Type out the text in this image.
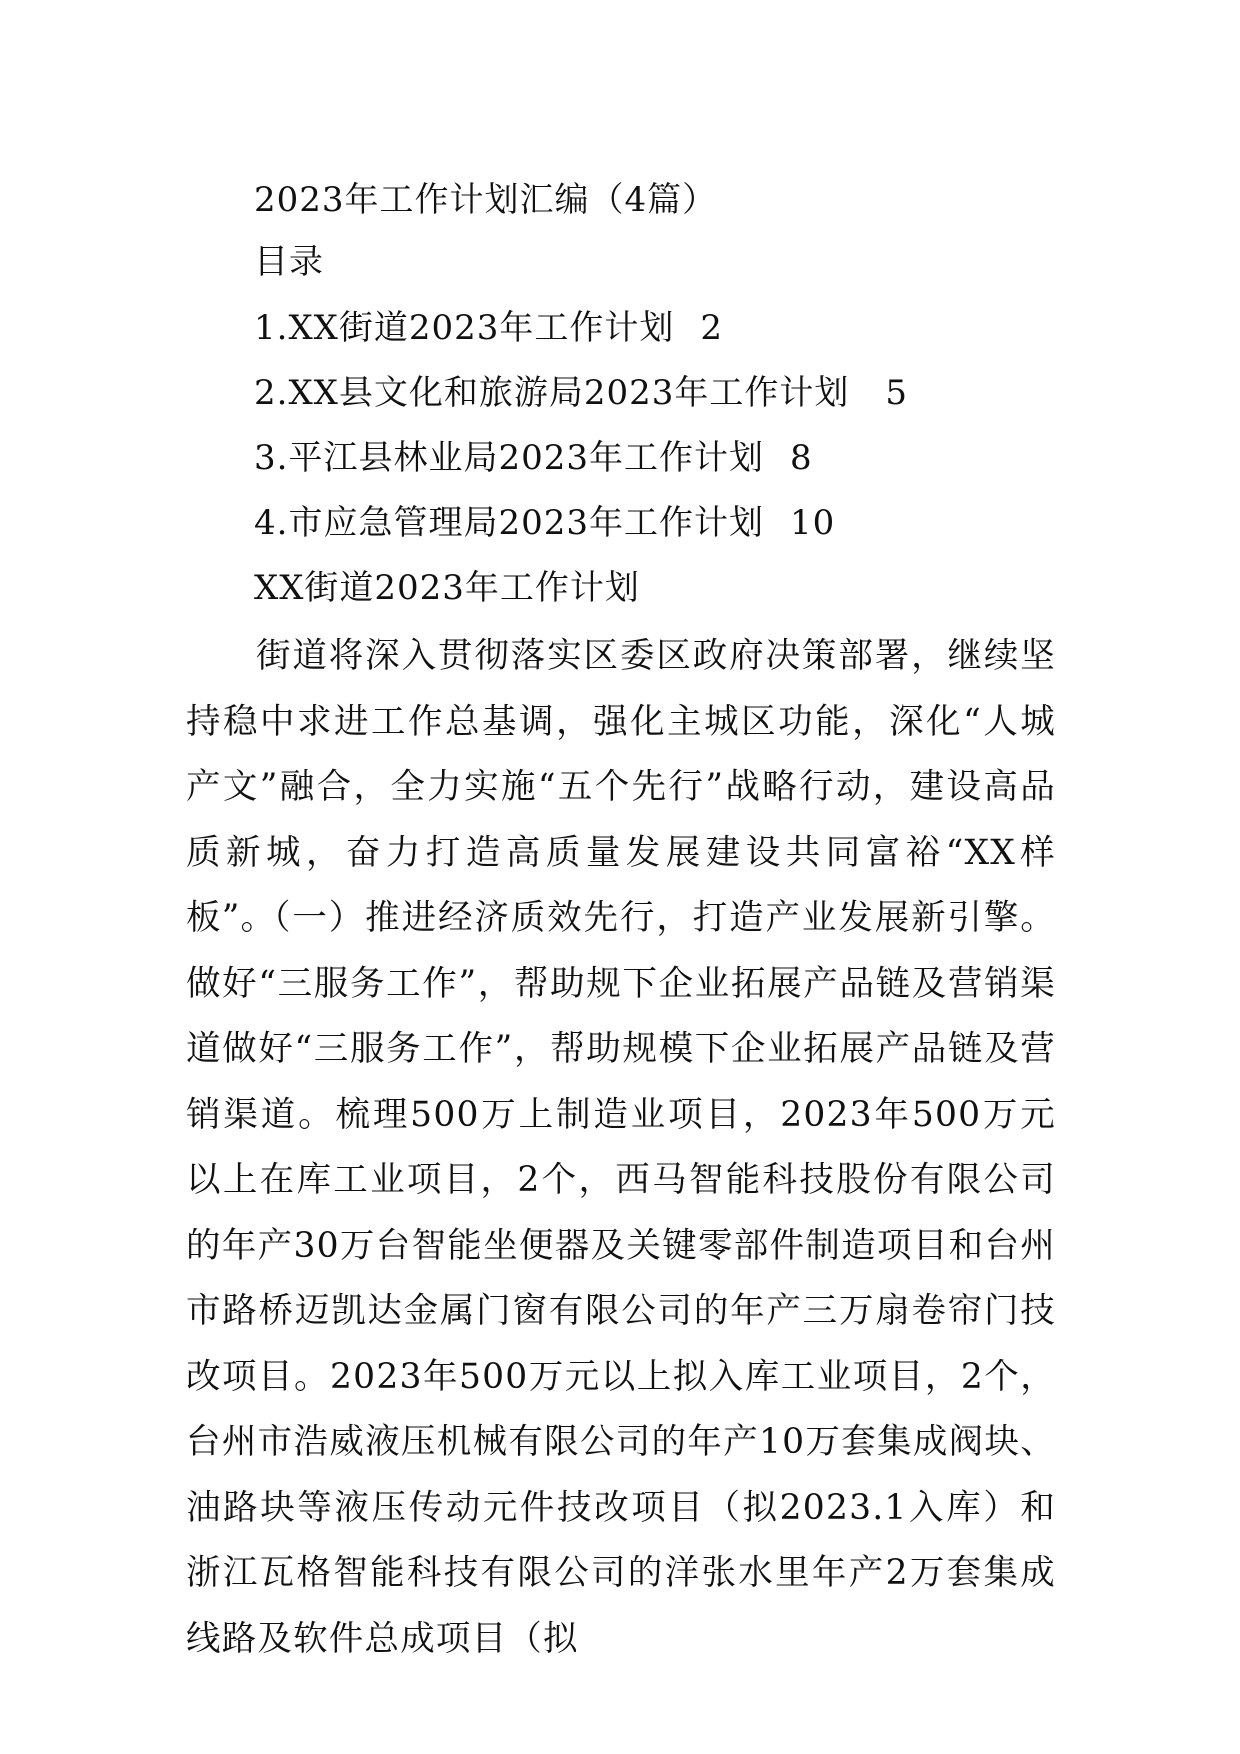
2023年工作计划汇编（4篇）
目录
1.XX街道2023年工作计划 2
2.XX县文化和旅游局2023年工作计划 5
3.平江县林业局2023年工作计划 8
4.市应急管理局2023年工作计划 10
XX街道2023年工作计划

街道将深入贯彻落实区委区政府决策部署，继续坚持稳中求进工作总基调，强化主城区功能，深化“人城产文”融合，全力实施“五个先行”战略行动，建设高品质新城，奋力打造高质量发展建设共同富裕“XX样板”。

（一）推进经济质效先行，打造产业发展新引擎。做好“三服务工作”，帮助规下企业拓展产品链及营销渠道做好“三服务工作”，帮助规模下企业拓展产品链及营销渠道。梳理500万上制造业项目，2023年500万元以上在库工业项目，2个，西马智能科技股份有限公司的年产30万台智能坐便器及关键零部件制造项目和台州市路桥迈凯达金属门窗有限公司的年产三万扇卷帘门技改项目。2023年500万元以上拟入库工业项目，2个，台州市浩威液压机械有限公司的年产10万套集成阀块、油路块等液压传动元件技改项目（拟2023.1入库）和浙江瓦格智能科技有限公司的洋张水里年产2万套集成线路及软件总成项目（拟
